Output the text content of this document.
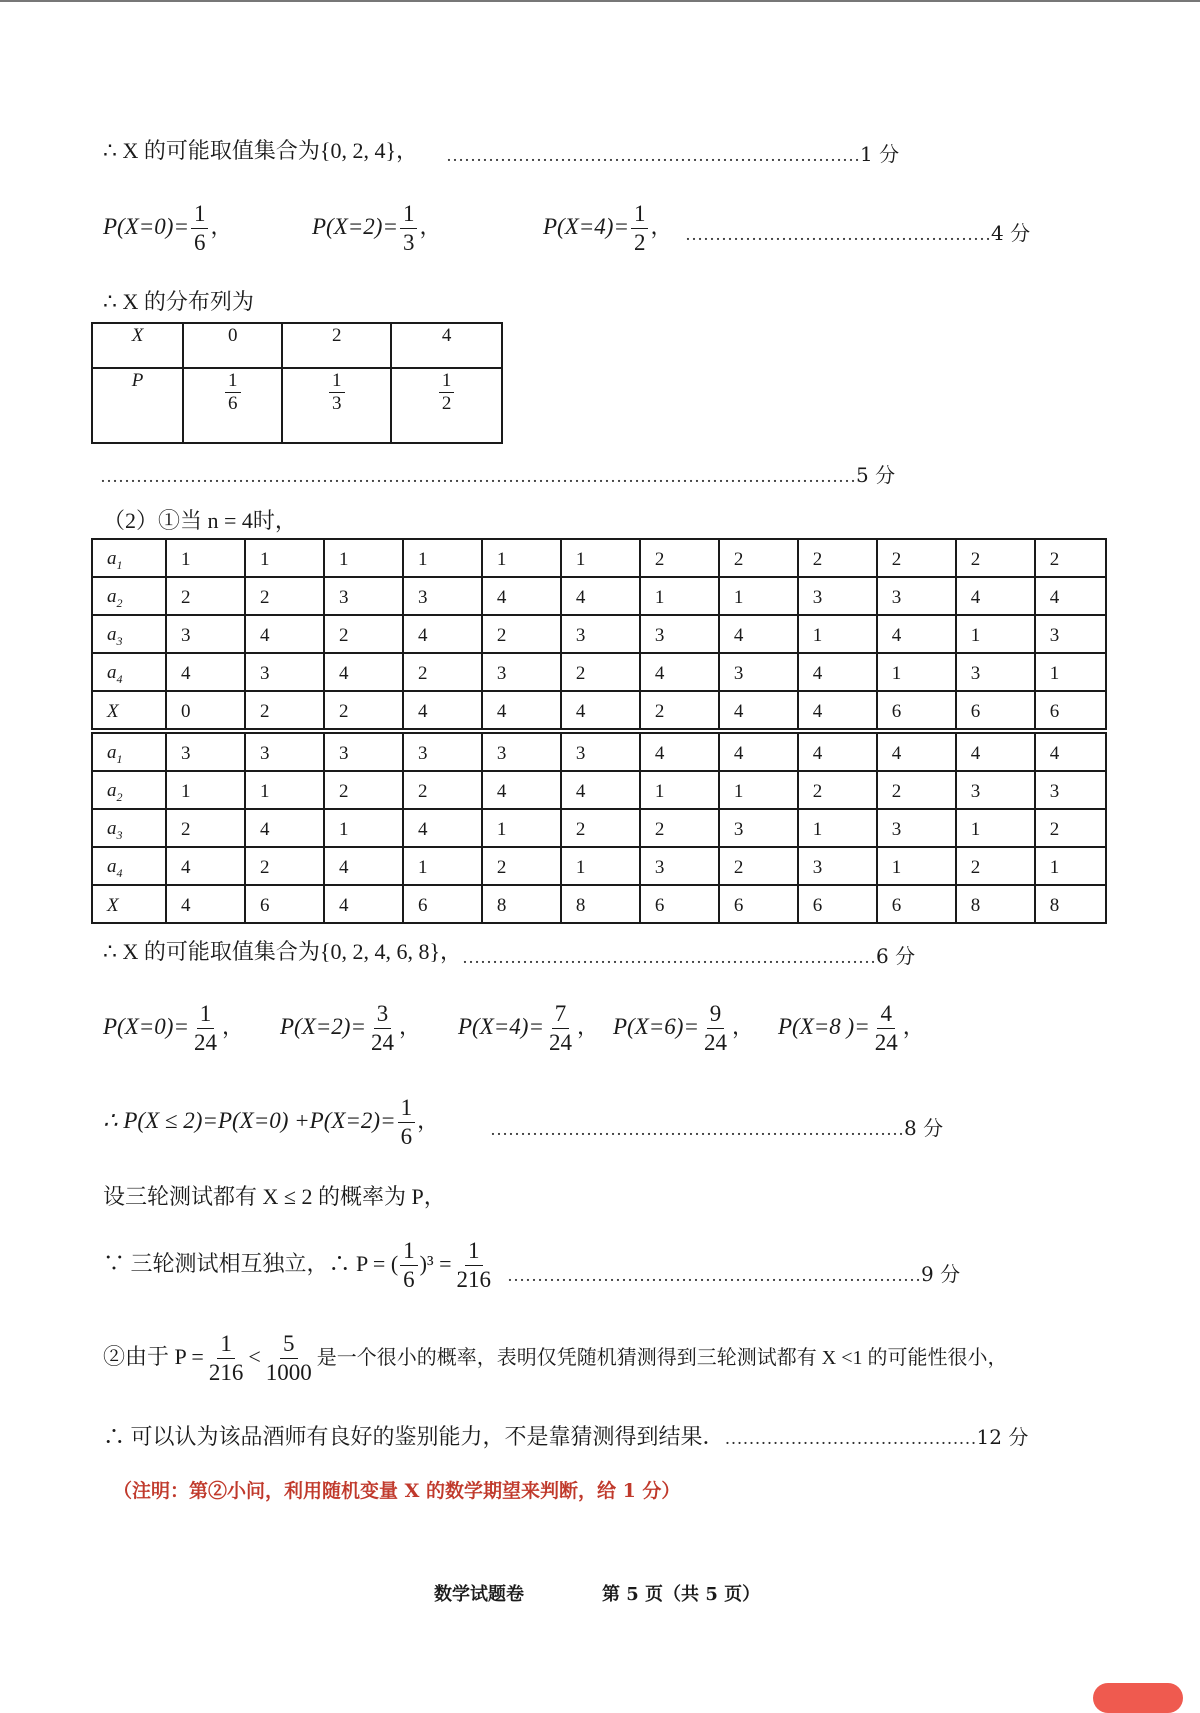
∴ X 的可能取值集合为{0, 2, 4}， ……………………………………………………………1 分
$P(X=0)= \frac{1}{6}$ ，	$P(X=2)= \frac{1}{3}$ ，	$P(X=4)= \frac{1}{2}$ ， ……………………………………………4 分
∴ X 的分布列为
X	0	2	4
P	$\frac{1}{6}$	$\frac{1}{3}$	$\frac{1}{2}$
………………………………………………………………………………………………………………5 分
（2）①当 n = 4时，
$a_1$	1	1	1	1	1	1	2	2	2	2	2	2
$a_2$	2	2	3	3	4	4	1	1	3	3	4	4
$a_3$	3	4	2	4	2	3	3	4	1	4	1	3
$a_4$	4	3	4	2	3	2	4	3	4	1	3	1
X	0	2	2	4	4	4	2	4	4	6	6	6
$a_1$	3	3	3	3	3	3	4	4	4	4	4	4
$a_2$	1	1	2	2	4	4	1	1	2	2	3	3
$a_3$	2	4	1	4	1	2	2	3	1	3	1	2
$a_4$	4	2	4	1	2	1	3	2	3	1	2	1
X	4	6	4	6	8	8	6	6	6	6	8	8
∴ X 的可能取值集合为{0, 2, 4, 6, 8}， ……………………………………………………………6 分
$P(X=0)= \frac{1}{24}$ ， $P(X=2)= \frac{3}{24}$ ， $P(X=4)= \frac{7}{24}$ ， $P(X=6)= \frac{9}{24}$ ， P(X=8 )= $\frac{4}{24}$ ，
∴ $P(X \le 2)=P(X=0) +P(X=2)= \frac{1}{6}$ ，	……………………………………………………………8 分
设三轮测试都有 X ≤ 2 的概率为 P，
∵ 三轮测试相互独立，∴ P = ( $\frac{1}{6} )^3 = \frac{1}{216}$ ……………………………………………………………9 分
②由于 $P = \frac{1}{216} < \frac{5}{1000}$ 是一个很小的概率，表明仅凭随机猜测得到三轮测试都有 X <1 的可能性很小，
∴ 可以认为该品酒师有良好的鉴别能力，不是靠猜测得到结果．……………………………………12 分
（注明：第②小问，利用随机变量 X 的数学期望来判断，给 1 分）
数学试题卷	第 5 页（共 5 页）
